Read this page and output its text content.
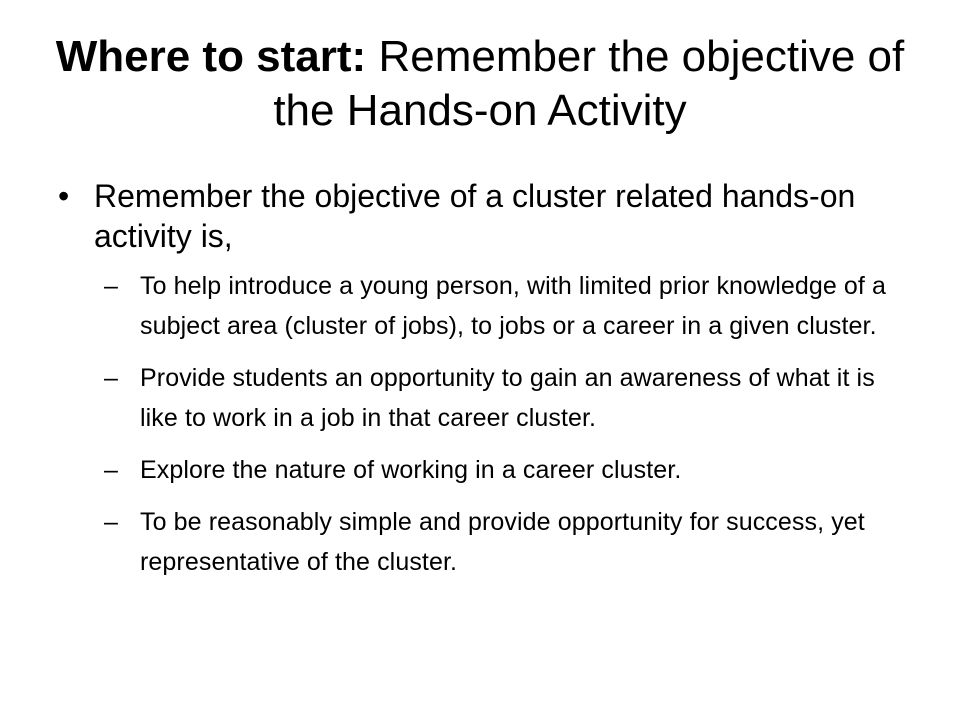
Where to start: Remember the objective of the Hands-on Activity
• Remember the objective of a cluster related hands-on activity is,
– To help introduce a young person, with limited prior knowledge of a subject area (cluster of jobs), to jobs or a career in a given cluster.
– Provide students an opportunity to gain an awareness of what it is like to work in a job in that career cluster.
– Explore the nature of working in a career cluster.
– To be reasonably simple and provide opportunity for success, yet representative of the cluster.
